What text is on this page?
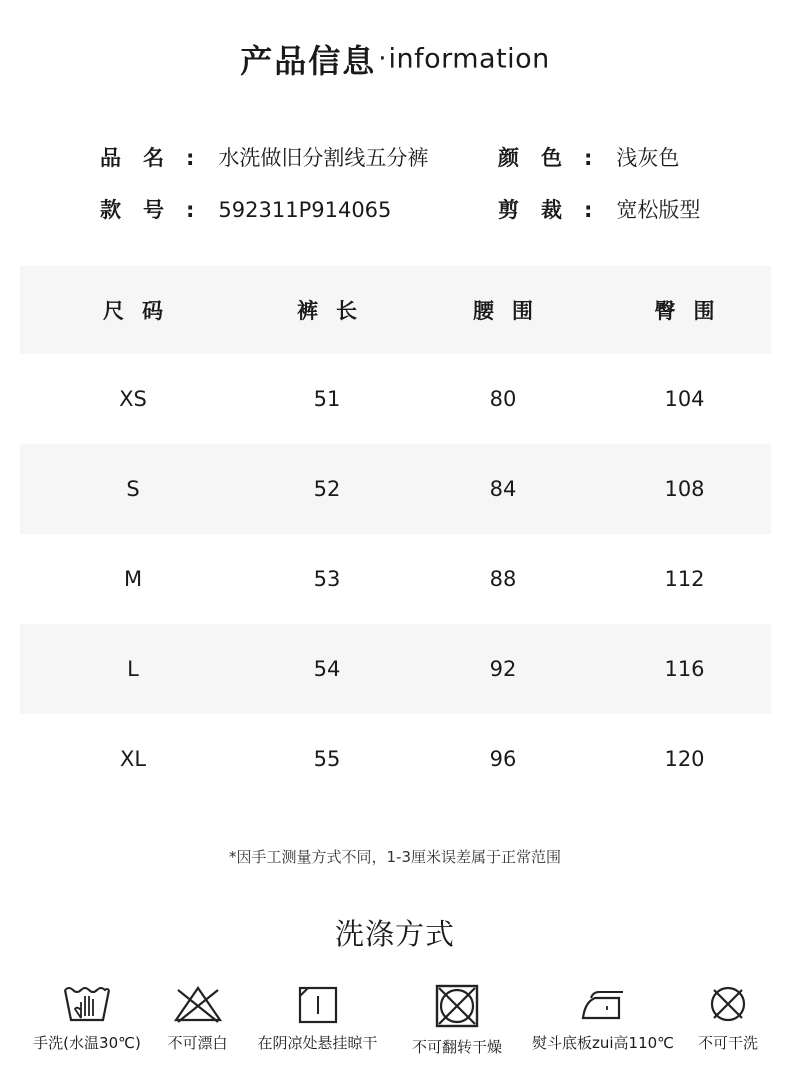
产品信息·information
品名:水洗做旧分割线五分裤	颜色:浅灰色
款号:592311P914065	剪裁:宽松版型
尺码	裤长	腰围	臀围
XS	51	80	104
S	52	84	108
M	53	88	112
L	54	92	116
XL	55	96	120
*因手工测量方式不同，1-3厘米误差属于正常范围
洗涤方式
手洗(水温30℃)	不可漂白	在阴凉处悬挂晾干	不可翻转干燥	熨斗底板zui高110℃	不可干洗
